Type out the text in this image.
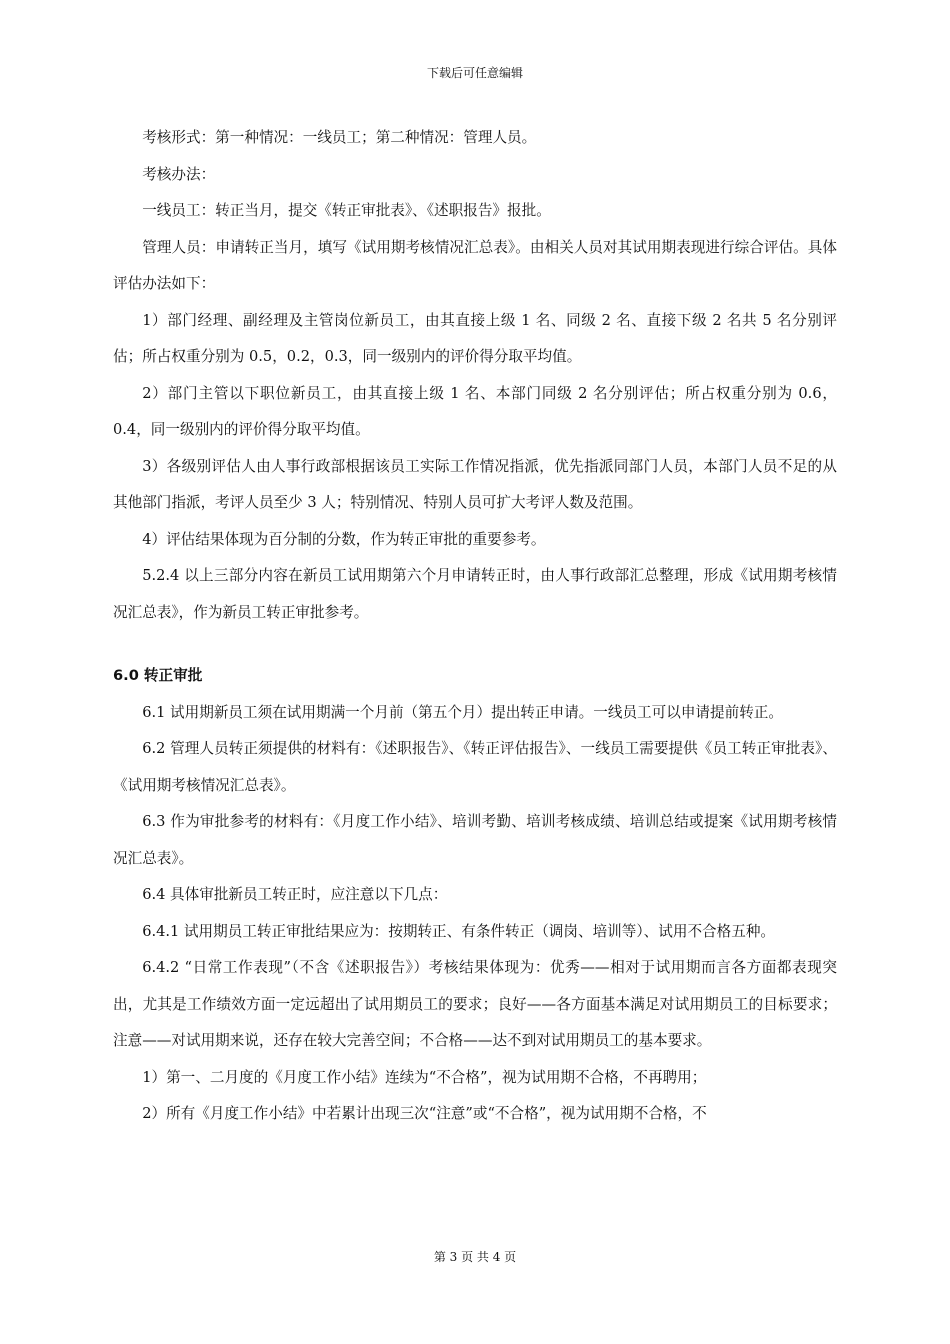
下载后可任意编辑

考核形式：第一种情况：一线员工；第二种情况：管理人员。

考核办法：

一线员工：转正当月，提交《转正审批表》、《述职报告》报批。

管理人员：申请转正当月，填写《试用期考核情况汇总表》。由相关人员对其试用期表现进行综合评估。具体评估办法如下：

1）部门经理、副经理及主管岗位新员工，由其直接上级 1 名、同级 2 名、直接下级 2 名共 5 名分别评估；所占权重分别为 0.5，0.2，0.3，同一级别内的评价得分取平均值。

2）部门主管以下职位新员工，由其直接上级 1 名、本部门同级 2 名分别评估；所占权重分别为 0.6，0.4，同一级别内的评价得分取平均值。

3）各级别评估人由人事行政部根据该员工实际工作情况指派，优先指派同部门人员，本部门人员不足的从其他部门指派，考评人员至少 3 人；特别情况、特别人员可扩大考评人数及范围。

4）评估结果体现为百分制的分数，作为转正审批的重要参考。

5.2.4 以上三部分内容在新员工试用期第六个月申请转正时，由人事行政部汇总整理，形成《试用期考核情况汇总表》，作为新员工转正审批参考。

6.0 转正审批

6.1 试用期新员工须在试用期满一个月前（第五个月）提出转正申请。一线员工可以申请提前转正。

6.2 管理人员转正须提供的材料有：《述职报告》、《转正评估报告》、一线员工需要提供《员工转正审批表》、《试用期考核情况汇总表》。

6.3 作为审批参考的材料有：《月度工作小结》、培训考勤、培训考核成绩、培训总结或提案《试用期考核情况汇总表》。

6.4 具体审批新员工转正时，应注意以下几点：

6.4.1 试用期员工转正审批结果应为：按期转正、有条件转正（调岗、培训等）、试用不合格五种。

6.4.2 “日常工作表现”（不含《述职报告》）考核结果体现为：优秀——相对于试用期而言各方面都表现突出，尤其是工作绩效方面一定远超出了试用期员工的要求；良好——各方面基本满足对试用期员工的目标要求；注意——对试用期来说，还存在较大完善空间；不合格——达不到对试用期员工的基本要求。

1）第一、二月度的《月度工作小结》连续为“不合格”，视为试用期不合格，不再聘用；

2）所有《月度工作小结》中若累计出现三次“注意”或“不合格”，视为试用期不合格，不

第 3 页 共 4 页
